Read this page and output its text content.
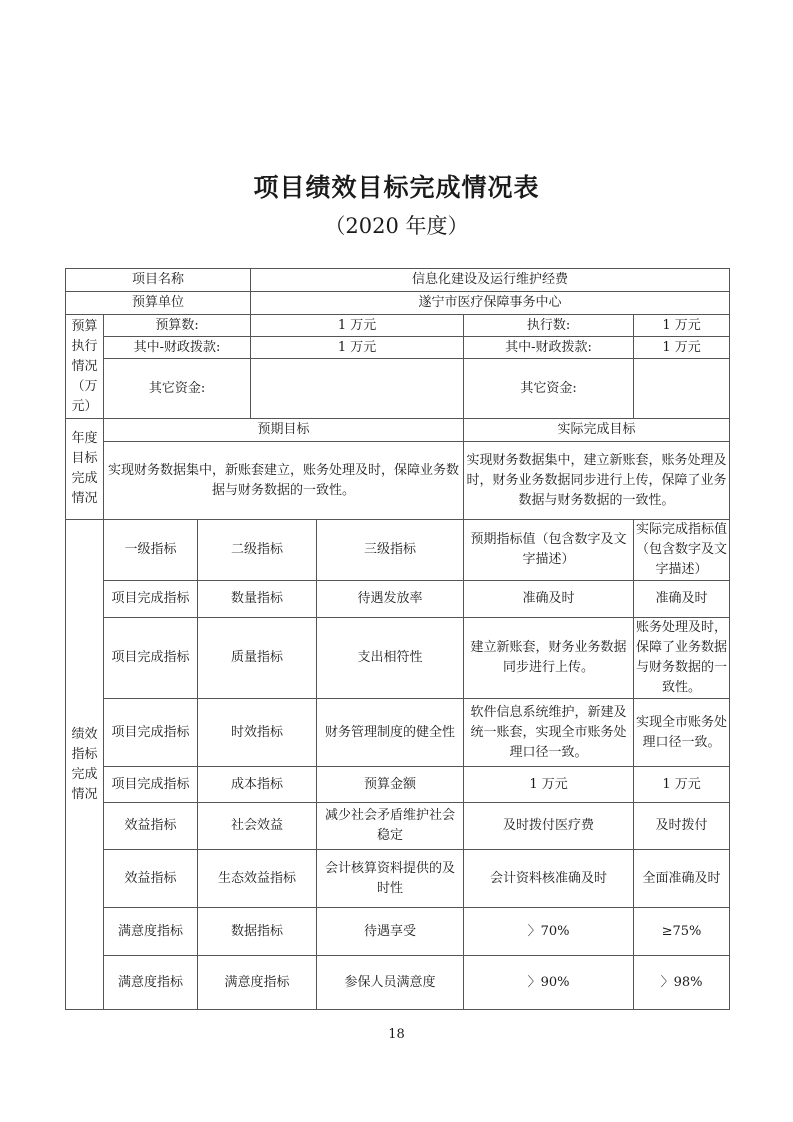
项目绩效目标完成情况表
（2020 年度）
项目名称			信息化建设及运行维护经费			
预算单位			遂宁市医疗保障事务中心			
预算执行情况（万元）	预算数:		1 万元		执行数:	1 万元
	其中-财政拨款:		1 万元		其中-财政拨款:	1 万元
	其它资金:				其它资金:	
年度目标完成情况	预期目标				实际完成目标	
	实现财务数据集中，新账套建立，账务处理及时，保障业务数据与财务数据的一致性。				实现财务数据集中，建立新账套，账务处理及时，财务业务数据同步进行上传，保障了业务数据与财务数据的一致性。	
绩效指标完成情况	一级指标	二级指标		三级指标	预期指标值（包含数字及文字描述）	实际完成指标值（包含数字及文字描述）
	项目完成指标	数量指标		待遇发放率	准确及时	准确及时
	项目完成指标	质量指标		支出相符性	建立新账套，财务业务数据同步进行上传。	账务处理及时，保障了业务数据与财务数据的一致性。
	项目完成指标	时效指标		财务管理制度的健全性	软件信息系统维护，新建及统一账套，实现全市账务处理口径一致。	实现全市账务处理口径一致。
	项目完成指标	成本指标		预算金额	1 万元	1 万元
	效益指标	社会效益		减少社会矛盾维护社会稳定	及时拨付医疗费	及时拨付
	效益指标	生态效益指标		会计核算资料提供的及时性	会计资料核准确及时	全面准确及时
	满意度指标	数据指标		待遇享受	〉70%	≥75%
	满意度指标	满意度指标		参保人员满意度	〉90%	〉98%
18
